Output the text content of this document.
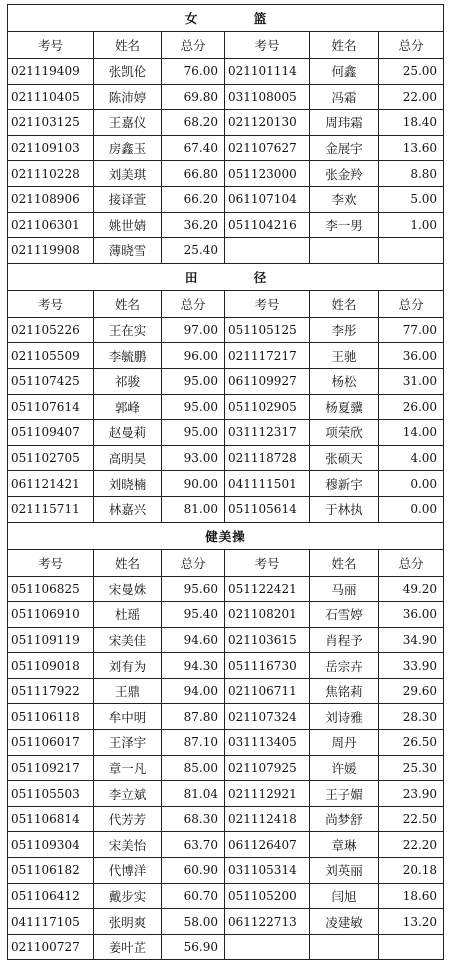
女 篮					
考号	姓名	总分	考号	姓名	总分
021119409	张凯伦	76.00	021101114	何鑫	25.00
021110405	陈沛婷	69.80	031108005	冯霜	22.00
021103125	王嘉仪	68.20	021120130	周玮霜	18.40
021109103	房鑫玉	67.40	021107627	金展宇	13.60
021110228	刘美琪	66.80	051123000	张金羚	8.80
021108906	接译萱	66.20	061107104	李欢	5.00
021106301	姚世婧	36.20	051104216	李一男	1.00
021119908	薄晓雪	25.40			
田 径					
考号	姓名	总分	考号	姓名	总分
021105226	王在实	97.00	051105125	李彤	77.00
021105509	李毓鹏	96.00	021117217	王驰	36.00
051107425	祁骏	95.00	061109927	杨松	31.00
051107614	郭峰	95.00	051102905	杨夏骥	26.00
051109407	赵曼莉	95.00	031112317	项荣欣	14.00
051102705	高明昊	93.00	021118728	张硕天	4.00
061121421	刘晓楠	90.00	041111501	穆新宇	0.00
021115711	林嘉兴	81.00	051105614	于林执	0.00
健美操					
考号	姓名	总分	考号	姓名	总分
051106825	宋曼姝	95.60	051122421	马丽	49.20
051106910	杜瑶	95.40	021108201	石雪婷	36.00
051109119	宋美佳	94.60	021103615	肖程予	34.90
051109018	刘有为	94.30	051116730	岳宗卉	33.90
051117922	王鼎	94.00	021106711	焦铭莉	29.60
051106118	牟中明	87.80	021107324	刘诗雅	28.30
051106017	王泽宇	87.10	031113405	周丹	26.50
051109217	章一凡	85.00	021107925	许媛	25.30
051105503	李立斌	81.04	021112921	王子媚	23.90
051106814	代芳芳	68.30	021112418	尚梦舒	22.50
051109304	宋美怡	63.70	061126407	章琳	22.20
051106182	代博洋	60.90	031105314	刘英丽	20.18
051106412	戴步实	60.70	051105200	闫旭	18.60
041117105	张明爽	58.00	061122713	凌建敏	13.20
021100727	姜叶芷	56.90			
